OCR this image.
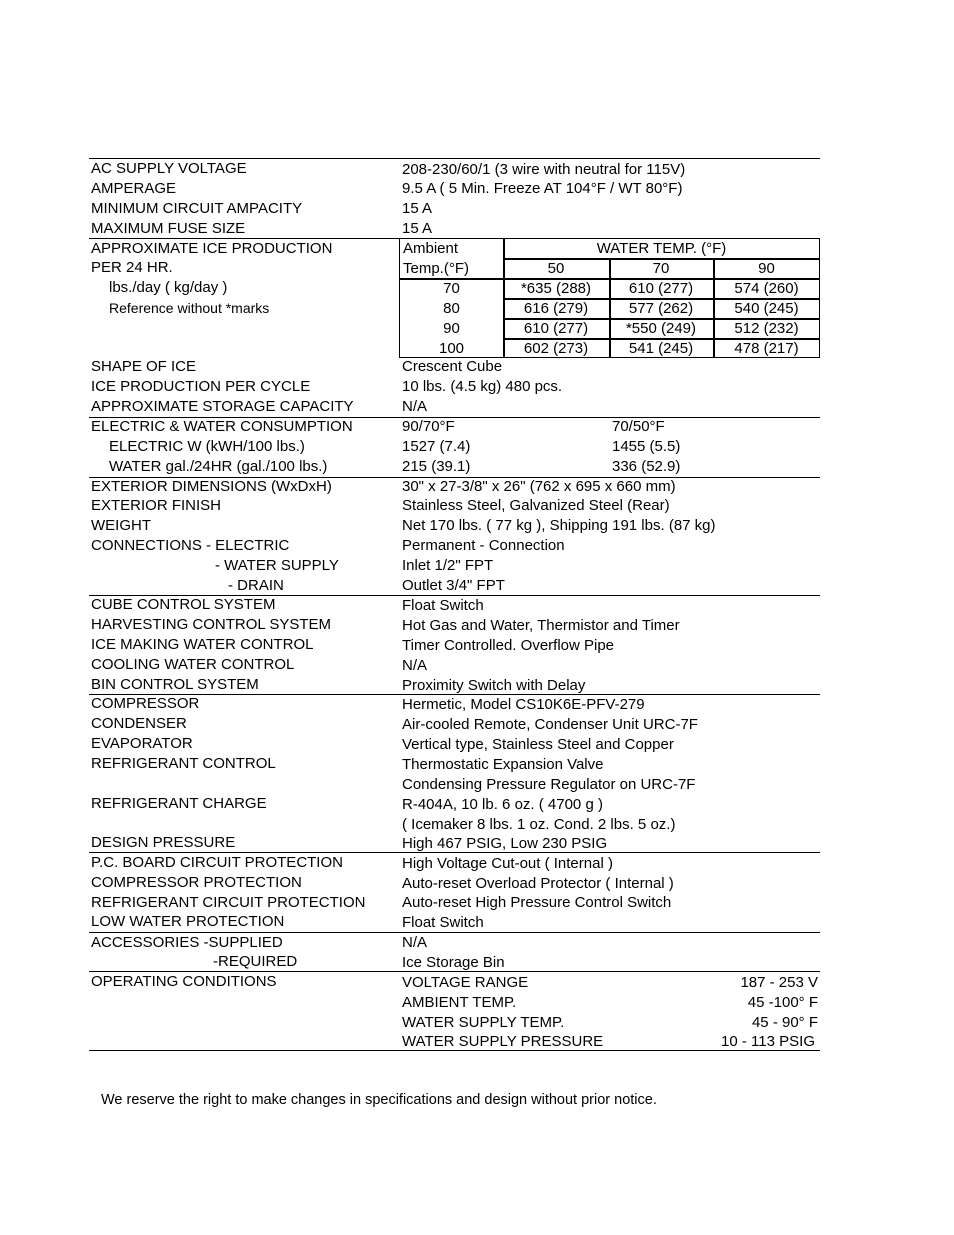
AC SUPPLY VOLTAGE	208-230/60/1 (3 wire with neutral for 115V)
AMPERAGE	9.5 A ( 5 Min. Freeze AT 104°F / WT 80°F)
MINIMUM CIRCUIT AMPACITY	15 A
MAXIMUM FUSE SIZE	15 A
APPROXIMATE ICE PRODUCTION
PER 24 HR.
lbs./day ( kg/day )
Reference without *marks
Ambient
Temp.(°F)
WATER TEMP. (°F)
50	70	90
70	*635 (288)	610 (277)	574 (260)
80	616 (279)	577 (262)	540 (245)
90	610 (277)	*550 (249)	512 (232)
100	602 (273)	541 (245)	478 (217)
SHAPE OF ICE	Crescent Cube
ICE PRODUCTION PER CYCLE	10 lbs. (4.5 kg) 480 pcs.
APPROXIMATE STORAGE CAPACITY	N/A
ELECTRIC & WATER CONSUMPTION	90/70°F	70/50°F
ELECTRIC W (kWH/100 lbs.)	1527 (7.4)	1455 (5.5)
WATER gal./24HR (gal./100 lbs.)	215 (39.1)	336 (52.9)
EXTERIOR DIMENSIONS (WxDxH)	30" x 27-3/8" x 26" (762 x 695 x 660 mm)
EXTERIOR FINISH	Stainless Steel, Galvanized Steel (Rear)
WEIGHT	Net 170 lbs. ( 77 kg ), Shipping 191 lbs. (87 kg)
CONNECTIONS - ELECTRIC	Permanent - Connection
- WATER SUPPLY	Inlet 1/2" FPT
- DRAIN	Outlet 3/4" FPT
CUBE CONTROL SYSTEM	Float Switch
HARVESTING CONTROL SYSTEM	Hot Gas and Water, Thermistor and Timer
ICE MAKING WATER CONTROL	Timer Controlled. Overflow Pipe
COOLING WATER CONTROL	N/A
BIN CONTROL SYSTEM	Proximity Switch with Delay
COMPRESSOR	Hermetic, Model CS10K6E-PFV-279
CONDENSER	Air-cooled Remote, Condenser Unit URC-7F
EVAPORATOR	Vertical type, Stainless Steel and Copper
REFRIGERANT CONTROL	Thermostatic Expansion Valve
Condensing Pressure Regulator on URC-7F
REFRIGERANT CHARGE	R-404A, 10 lb. 6 oz. ( 4700 g )
( Icemaker 8 lbs. 1 oz. Cond. 2 lbs. 5 oz.)
DESIGN PRESSURE	High 467 PSIG, Low 230 PSIG
P.C. BOARD CIRCUIT PROTECTION	High Voltage Cut-out ( Internal )
COMPRESSOR PROTECTION	Auto-reset Overload Protector ( Internal )
REFRIGERANT CIRCUIT PROTECTION Auto-reset High Pressure Control Switch
LOW WATER PROTECTION	Float Switch
ACCESSORIES -SUPPLIED	N/A
-REQUIRED	Ice Storage Bin
OPERATING CONDITIONS	VOLTAGE RANGE	187 - 253 V
AMBIENT TEMP.	45 -100° F
WATER SUPPLY TEMP.	45 - 90° F
WATER SUPPLY PRESSURE	10 - 113 PSIG
We reserve the right to make changes in specifications and design without prior notice.
